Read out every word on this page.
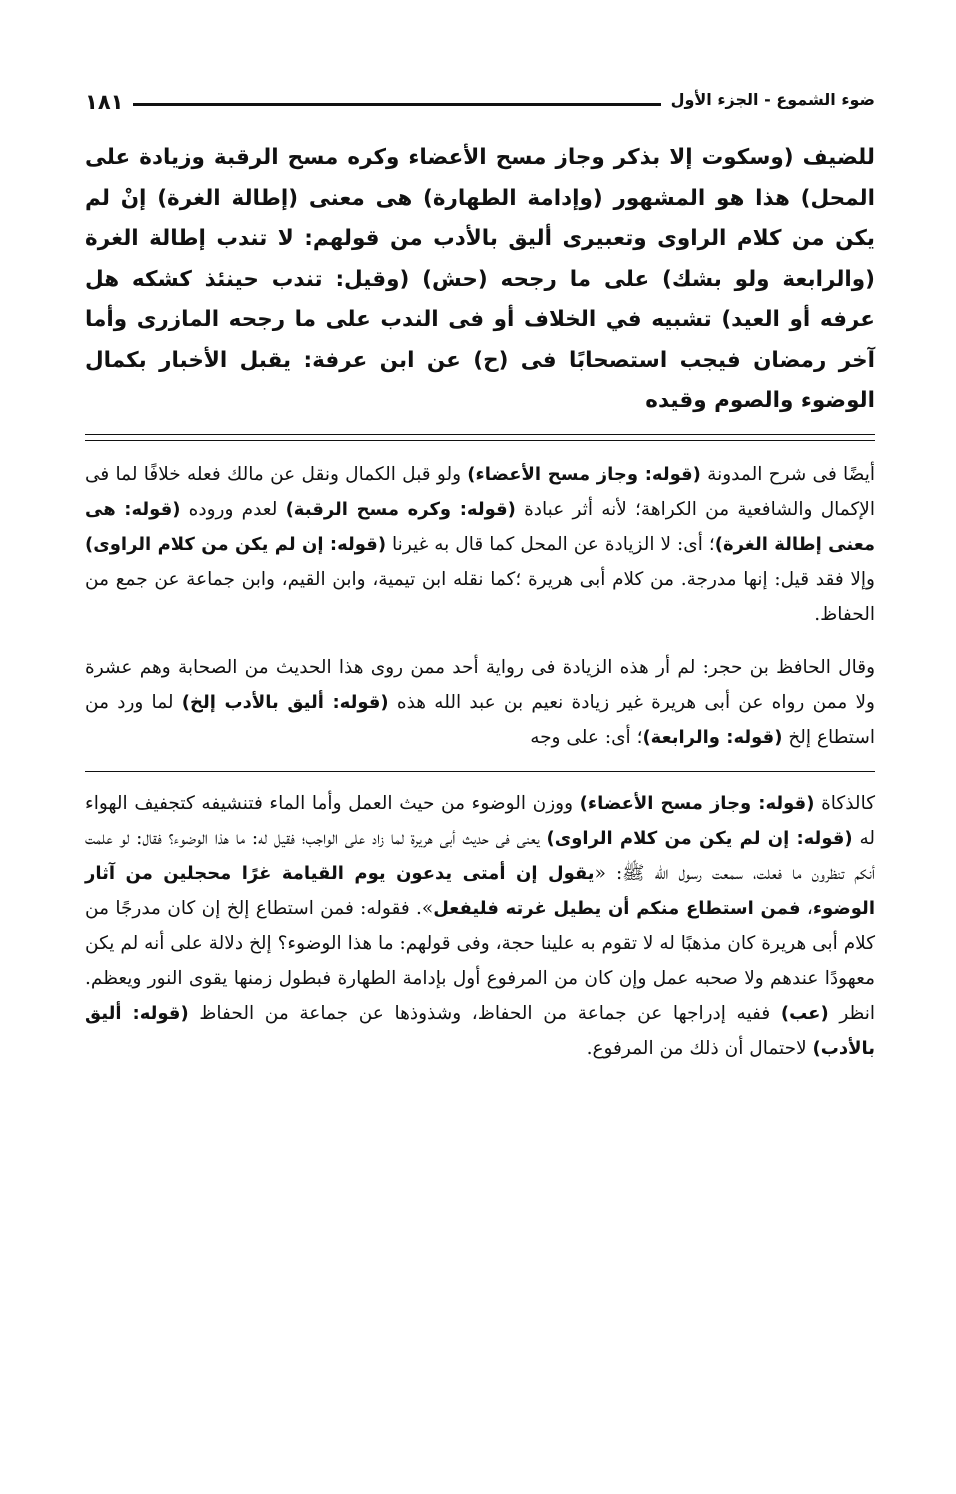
ضوء الشموع - الجزء الأول
١٨١
للضيف (وسكوت إلا بذكر وجاز مسح الأعضاء وكره مسح الرقبة وزيادة على المحل) هذا هو المشهور (وإدامة الطهارة) هى معنى (إطالة الغرة) إنْ لم يكن من كلام الراوى وتعبيرى أليق بالأدب من قولهم: لا تندب إطالة الغرة (والرابعة ولو بشك) على ما رجحه (حش) (وقيل: تندب حينئذ كشكه هل عرفه أو العيد) تشبيه في الخلاف أو فى الندب على ما رجحه المازرى وأما آخر رمضان فيجب استصحابًا فى (ح) عن ابن عرفة: يقبل الأخبار بكمال الوضوء والصوم وقيده

أيضًا فى شرح المدونة (قوله: وجاز مسح الأعضاء) ولو قبل الكمال ونقل عن مالك فعله خلافًا لما فى الإكمال والشافعية من الكراهة؛ لأنه أثر عبادة (قوله: وكره مسح الرقبة) لعدم وروده (قوله: هى معنى إطالة الغرة)؛ أى: لا الزيادة عن المحل كما قال به غيرنا (قوله: إن لم يكن من كلام الراوى) وإلا فقد قيل: إنها مدرجة. من كلام أبى هريرة ؛كما نقله ابن تيمية، وابن القيم، وابن جماعة عن جمع من الحفاظ.

وقال الحافظ بن حجر: لم أر هذه الزيادة فى رواية أحد ممن روى هذا الحديث من الصحابة وهم عشرة ولا ممن رواه عن أبى هريرة غير زيادة نعيم بن عبد الله هذه (قوله: أليق بالأدب إلخ) لما ورد من استطاع إلخ (قوله: والرابعة)؛ أى: على وجه

كالذكاة (قوله: وجاز مسح الأعضاء) ووزن الوضوء من حيث العمل وأما الماء فتنشيفه كتجفيف الهواء له (قوله: إن لم يكن من كلام الراوى) يعنى فى حديث أبى هريرة لما زاد على الواجب؛ فقيل له: ما هذا الوضوء؟ فقال: لو علمت أنكم تنظرون ما فعلت، سمعت رسول الله ﷺ: «يقول إن أمتى يدعون يوم القيامة غرًا محجلين من آثار الوضوء، فمن استطاع منكم أن يطيل غرته فليفعل». فقوله: فمن استطاع إلخ إن كان مدرجًا من كلام أبى هريرة كان مذهبًا له لا تقوم به علينا حجة، وفى قولهم: ما هذا الوضوء؟ إلخ دلالة على أنه لم يكن معهودًا عندهم ولا صحبه عمل وإن كان من المرفوع أول بإدامة الطهارة فبطول زمنها يقوى النور ويعظم. انظر (عب) ففيه إدراجها عن جماعة من الحفاظ، وشذوذها عن جماعة من الحفاظ (قوله: أليق بالأدب) لاحتمال أن ذلك من المرفوع.
